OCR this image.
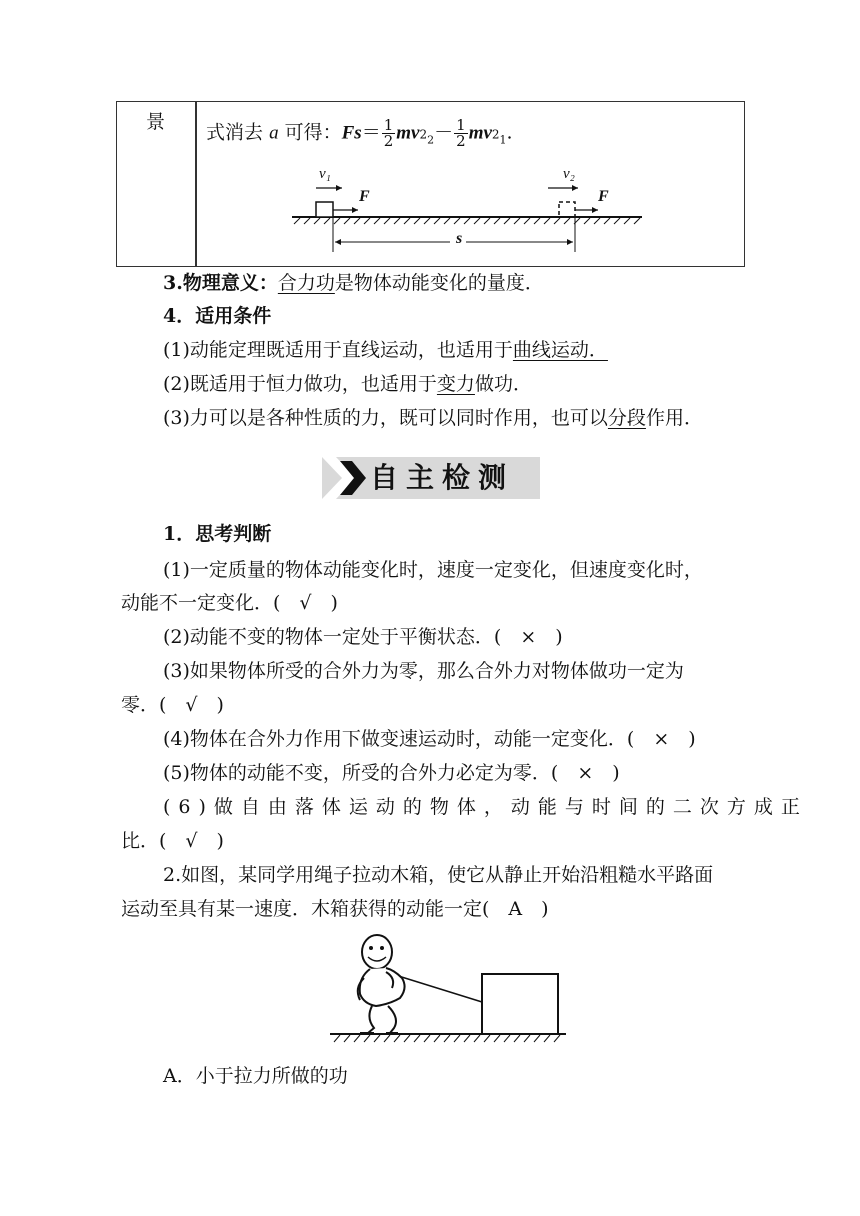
景 式消去 a 可得：$Fs= \frac{1}{2} mv2_2- \frac{1}{2} mv2_1$.
v₁	v₂
F	F
s
3.物理意义：合力功是物体动能变化的量度．
4．适用条件
(1)动能定理既适用于直线运动，也适用于曲线运动．
(2)既适用于恒力做功，也适用于变力做功．
(3)力可以是各种性质的力，既可以同时作用，也可以分段作用．
自主检测
1．思考判断
(1)一定质量的物体动能变化时，速度一定变化，但速度变化时，
动能不一定变化．(　√　)
(2)动能不变的物体一定处于平衡状态．(　×　)
(3)如果物体所受的合外力为零，那么合外力对物体做功一定为
零．(　√　)
(4)物体在合外力作用下做变速运动时，动能一定变化．(　×　)
(5)物体的动能不变，所受的合外力必定为零．(　×　)
(6)做自由落体运动的物体，动能与时间的二次方成正
比．(　√　)
2.如图，某同学用绳子拉动木箱，使它从静止开始沿粗糙水平路面
运动至具有某一速度．木箱获得的动能一定(　A　)
A．小于拉力所做的功
